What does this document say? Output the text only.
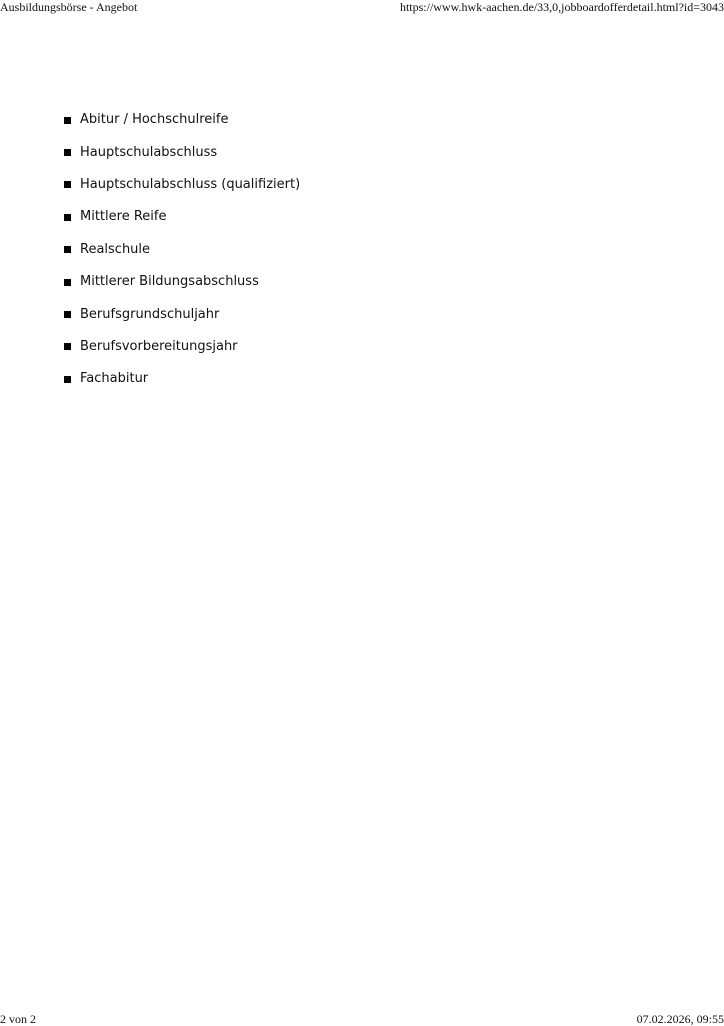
Ausbildungsbörse - Angebot	https://www.hwk-aachen.de/33,0,jobboardofferdetail.html?id=3043
Abitur / Hochschulreife
Hauptschulabschluss
Hauptschulabschluss (qualifiziert)
Mittlere Reife
Realschule
Mittlerer Bildungsabschluss
Berufsgrundschuljahr
Berufsvorbereitungsjahr
Fachabitur
2 von 2	07.02.2026, 09:55
